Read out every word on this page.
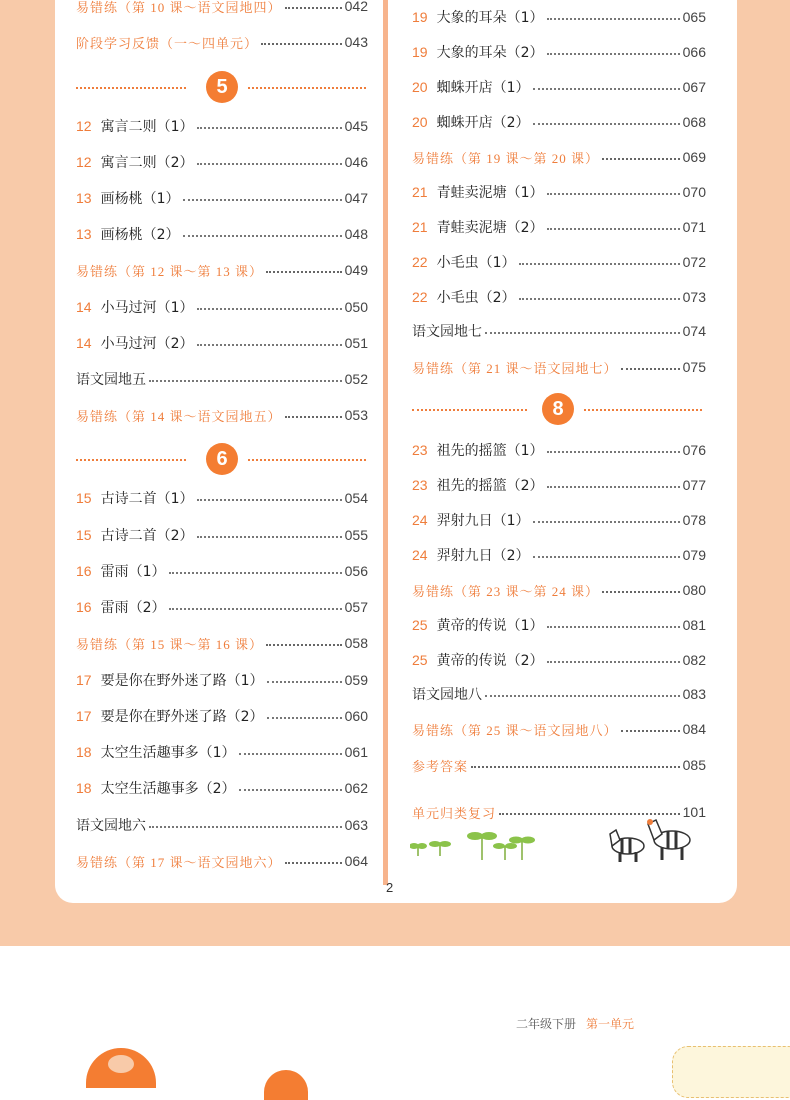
易错练（第 10 课～语文园地四）	042
阶段学习反馈（一～四单元）	043
5
12 寓言二则（1）	045
12 寓言二则（2）	046
13 画杨桃（1）	047
13 画杨桃（2）	048
易错练（第 12 课～第 13 课）	049
14 小马过河（1）	050
14 小马过河（2）	051
语文园地五	052
易错练（第 14 课～语文园地五）	053
6
15 古诗二首（1）	054
15 古诗二首（2）	055
16 雷雨（1）	056
16 雷雨（2）	057
易错练（第 15 课～第 16 课）	058
17 要是你在野外迷了路（1）	059
17 要是你在野外迷了路（2）	060
18 太空生活趣事多（1）	061
18 太空生活趣事多（2）	062
语文园地六	063
易错练（第 17 课～语文园地六）	064
19 大象的耳朵（1）	065
19 大象的耳朵（2）	066
20 蜘蛛开店（1）	067
20 蜘蛛开店（2）	068
易错练（第 19 课～第 20 课）	069
21 青蛙卖泥塘（1）	070
21 青蛙卖泥塘（2）	071
22 小毛虫（1）	072
22 小毛虫（2）	073
语文园地七	074
易错练（第 21 课～语文园地七）	075
8
23 祖先的摇篮（1）	076
23 祖先的摇篮（2）	077
24 羿射九日（1）	078
24 羿射九日（2）	079
易错练（第 23 课～第 24 课）	080
25 黄帝的传说（1）	081
25 黄帝的传说（2）	082
语文园地八	083
易错练（第 25 课～语文园地八）	084
参考答案	085
单元归类复习	101
2
二年级下册 第一单元
